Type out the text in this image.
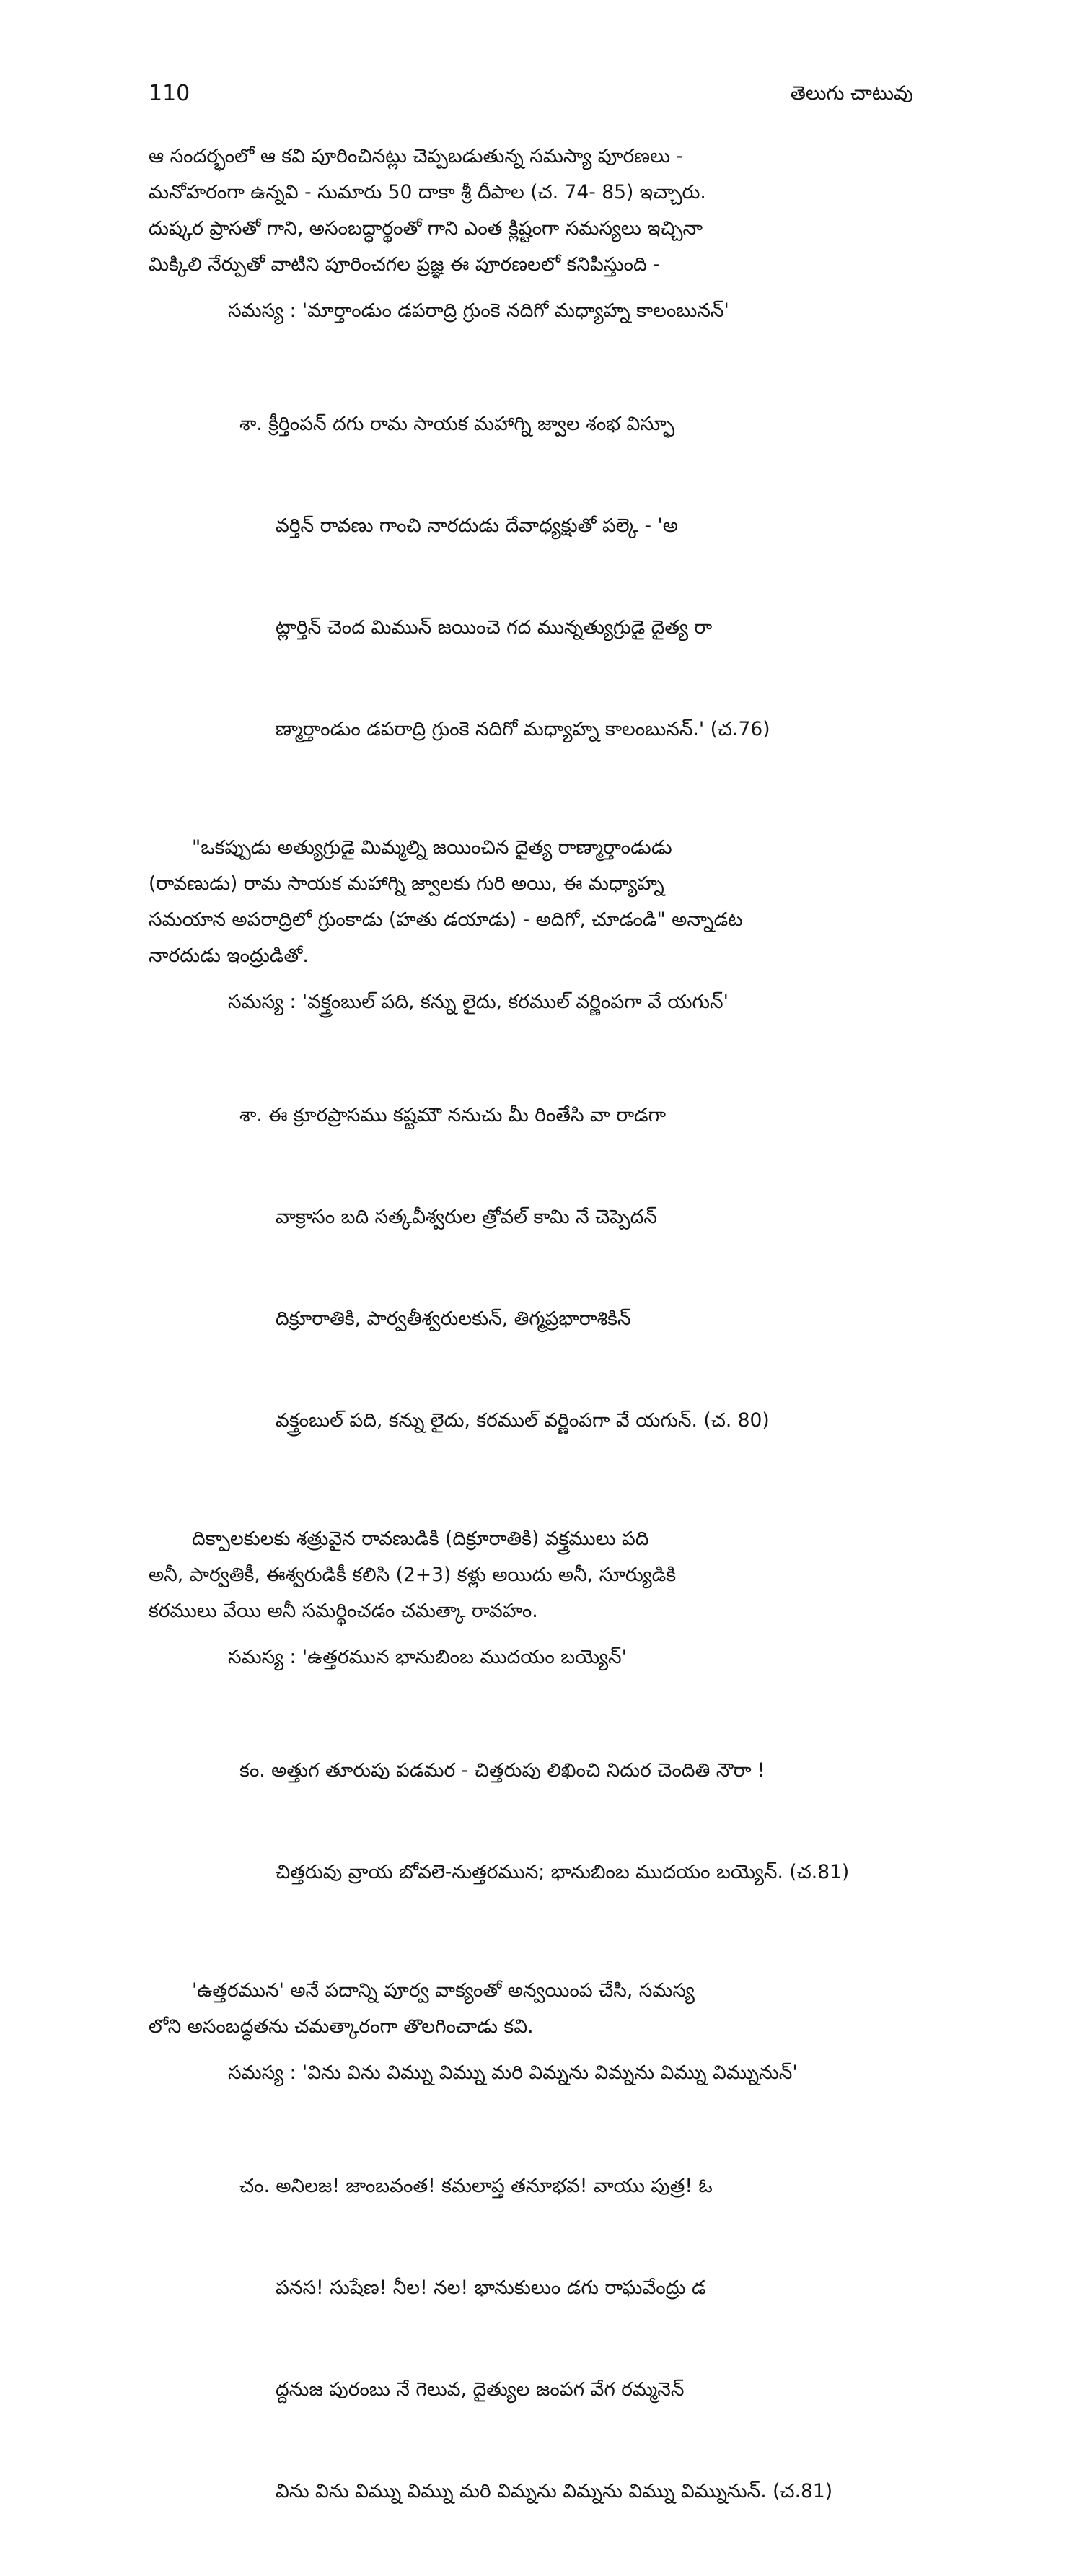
110	తెలుగు చాటువు

ఆ సందర్భంలో ఆ కవి పూరించినట్లు చెప్పబడుతున్న సమస్యా పూరణలు -

మనోహరంగా ఉన్నవి - సుమారు 50 దాకా శ్రీ దీపాల (చ. 74- 85) ఇచ్చారు.

దుష్కర ప్రాసతో గాని, అసంబద్ధార్థంతో గాని ఎంత క్లిష్టంగా సమస్యలు ఇచ్చినా

మిక్కిలి నేర్పుతో వాటిని పూరించగల ప్రజ్ఞ ఈ పూరణలలో కనిపిస్తుంది -

సమస్య : 'మార్తాండుం డపరాద్రి గ్రుంకె నదిగో మధ్యాహ్న కాలంబునన్'

శా. క్రీర్తింపన్ దగు రామ సాయక మహాగ్ని జ్వాల శంభ విస్ఫూ

వర్తిన్ రావణు గాంచి నారదుడు దేవాధ్యక్షుతో పల్కె - 'అ

ట్లార్తిన్ చెంద మిమున్ జయించె గద మున్నత్యుగ్రుడై దైత్య రా

ణ్మార్తాండుం డపరాద్రి గ్రుంకె నదిగో మధ్యాహ్న కాలంబునన్.' (చ.76)

"ఒకప్పుడు అత్యుగ్రుడై మిమ్మల్ని జయించిన దైత్య రాణ్మార్తాండుడు

(రావణుడు) రామ సాయక మహాగ్ని జ్వాలకు గురి అయి, ఈ మధ్యాహ్న

సమయాన అపరాద్రిలో గ్రుంకాడు (హతు డయాడు) - అదిగో, చూడండి" అన్నాడట

నారదుడు ఇంద్రుడితో.

సమస్య : 'వక్త్రంబుల్ పది, కన్ను లైదు, కరముల్ వర్ణింపగా వే యగున్'

శా. ఈ క్రూరప్రాసము కష్టమౌ ననుచు మీ రింతేసి వా రాడగా

వాక్రాసం బది సత్కవీశ్వరుల త్రోవల్ కామి నే చెప్పెదన్

దిక్రూరాతికి, పార్వతీశ్వరులకున్, తిగ్మప్రభారాశికిన్

వక్త్రంబుల్ పది, కన్ను లైదు, కరముల్ వర్ణింపగా వే యగున్. (చ. 80)

దిక్పాలకులకు శత్రువైన రావణుడికి (దిక్రూరాతికి) వక్త్రములు పది

అనీ, పార్వతికీ, ఈశ్వరుడికీ కలిసి (2+3) కళ్లు అయిదు అనీ, సూర్యుడికి

కరములు వేయి అనీ సమర్థించడం చమత్కా రావహం.

సమస్య : 'ఉత్తరమున భానుబింబ ముదయం బయ్యెన్'

కం. అత్తుగ తూరుపు పడమర - చిత్తరుపు లిఖించి నిదుర చెందితి నౌరా !

చిత్తరువు వ్రాయ బోవలె-నుత్తరమున; భానుబింబ ముదయం బయ్యెన్. (చ.81)

'ఉత్తరమున' అనే పదాన్ని పూర్వ వాక్యంతో అన్వయింప చేసి, సమస్య

లోని అసంబద్ధతను చమత్కారంగా తొలగించాడు కవి.

సమస్య : 'విను విను విమ్ను విమ్ను మరి విమ్నను విమ్నను విమ్ను విమ్నునున్'

చం. అనిలజ! జాంబవంత! కమలాప్త తనూభవ! వాయు పుత్ర! ఓ

పనస! సుషేణ! నీల! నల! భానుకులుం డగు రాఘవేంద్రు డ

ద్దనుజ పురంబు నే గెలువ, దైత్యుల జంపగ వేగ రమ్మనెన్

విను విను విమ్ను విమ్ను మరి విమ్నను విమ్నను విమ్ను విమ్నునున్. (చ.81)
